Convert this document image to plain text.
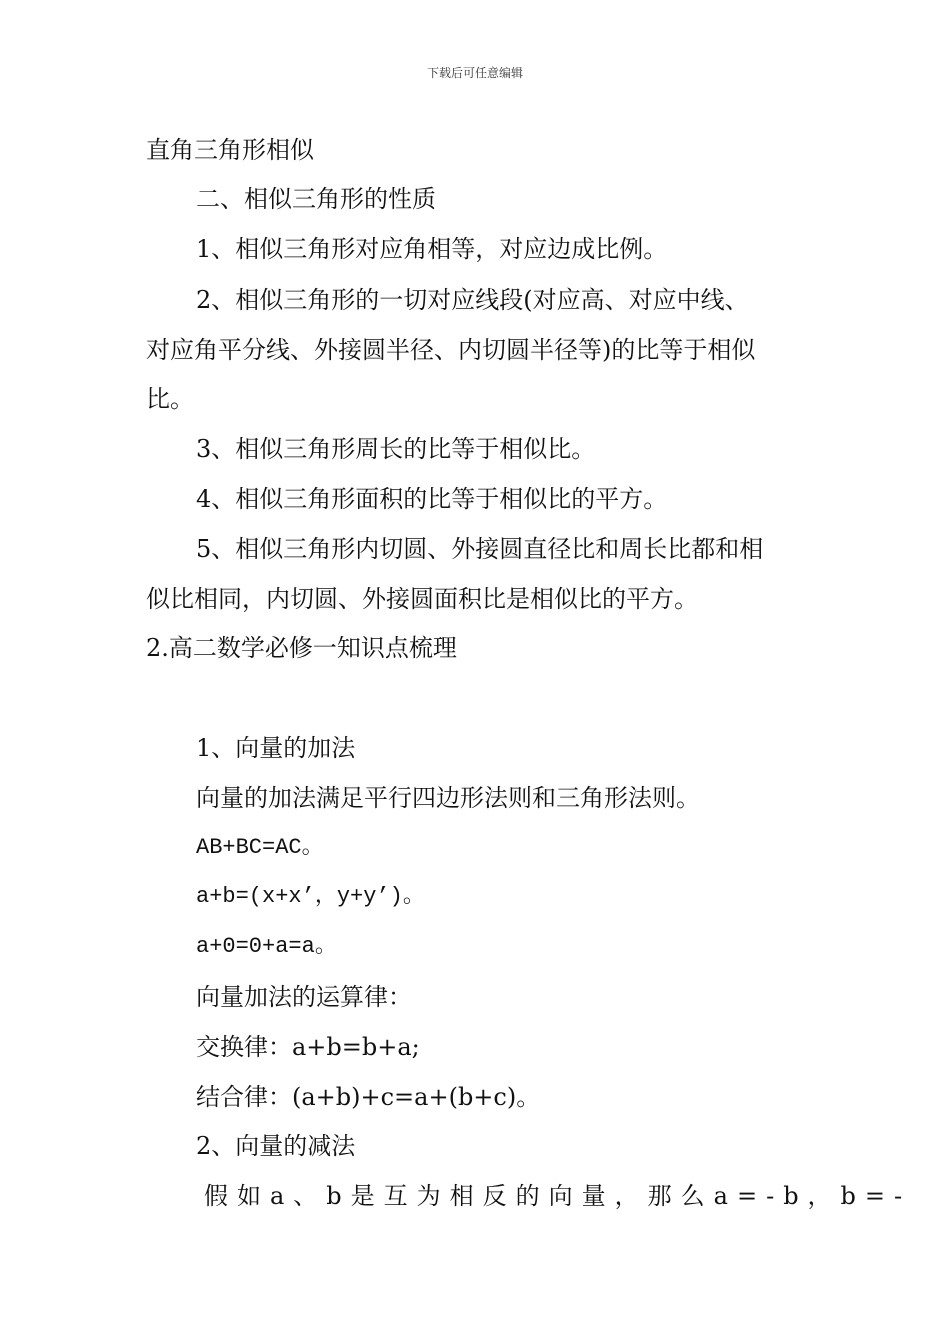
下载后可任意编辑
直角三角形相似
二、相似三角形的性质
1、相似三角形对应角相等，对应边成比例。
2、相似三角形的一切对应线段(对应高、对应中线、
对应角平分线、外接圆半径、内切圆半径等)的比等于相似
比。
3、相似三角形周长的比等于相似比。
4、相似三角形面积的比等于相似比的平方。
5、相似三角形内切圆、外接圆直径比和周长比都和相
似比相同，内切圆、外接圆面积比是相似比的平方。
2.高二数学必修一知识点梳理
1、向量的加法
向量的加法满足平行四边形法则和三角形法则。
AB+BC=AC。
a+b=(x+x’，y+y’)。
a+0=0+a=a。
向量加法的运算律：
交换律：a+b=b+a;
结合律：(a+b)+c=a+(b+c)。
2、向量的减法
假如a、b是互为相反的向量，那么a=-b，b=-
